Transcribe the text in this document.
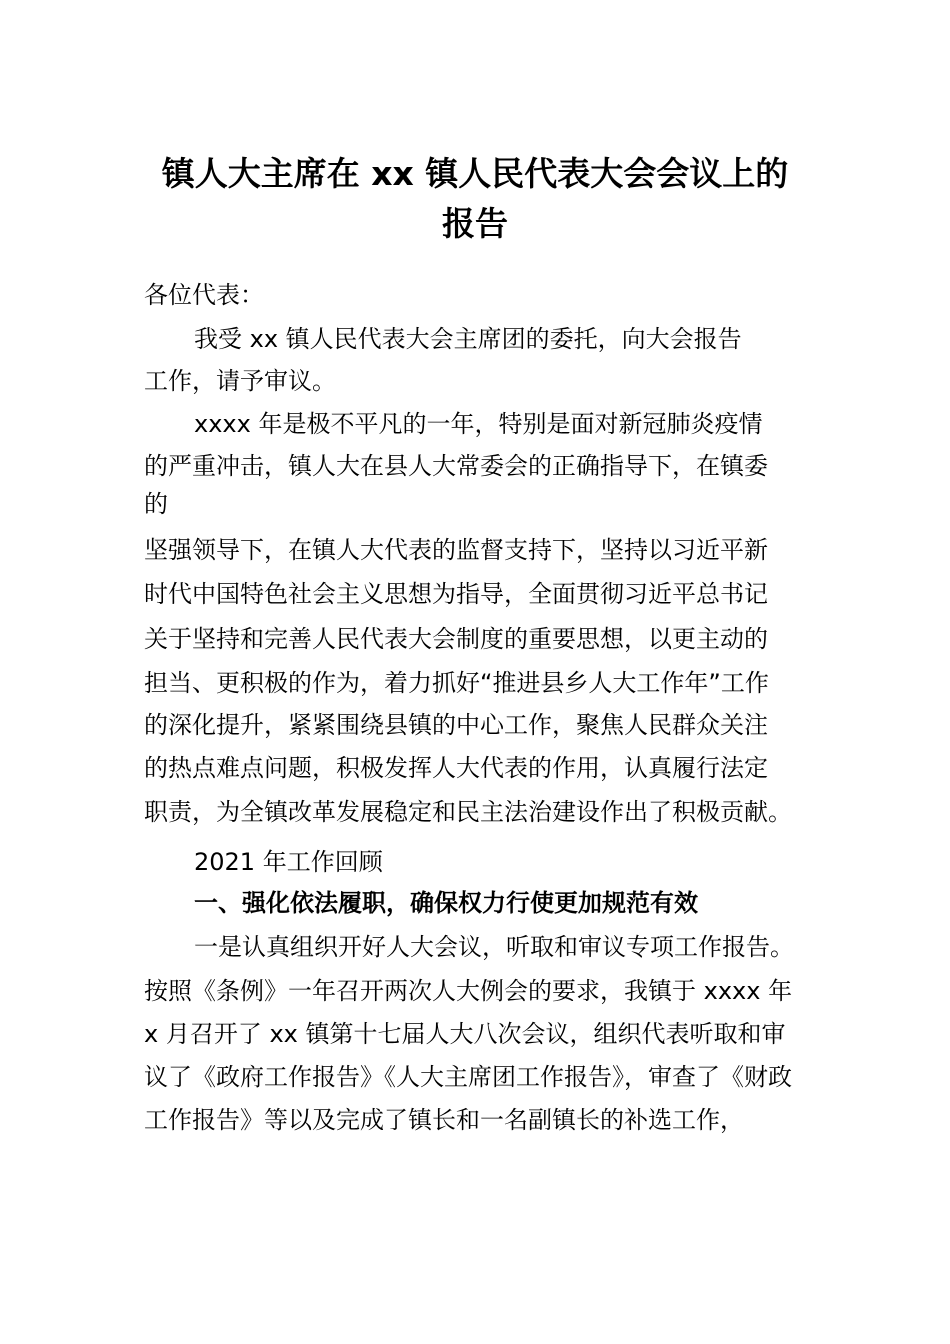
镇人大主席在 xx 镇人民代表大会会议上的
报告

各位代表：

我受 xx 镇人民代表大会主席团的委托，向大会报告

工作，请予审议。

xxxx 年是极不平凡的一年，特别是面对新冠肺炎疫情

的严重冲击，镇人大在县人大常委会的正确指导下，在镇委

的

坚强领导下，在镇人大代表的监督支持下，坚持以习近平新

时代中国特色社会主义思想为指导，全面贯彻习近平总书记

关于坚持和完善人民代表大会制度的重要思想，以更主动的

担当、更积极的作为，着力抓好“推进县乡人大工作年”工作

的深化提升，紧紧围绕县镇的中心工作，聚焦人民群众关注

的热点难点问题，积极发挥人大代表的作用，认真履行法定

职责，为全镇改革发展稳定和民主法治建设作出了积极贡献。

2021 年工作回顾

一、强化依法履职，确保权力行使更加规范有效

一是认真组织开好人大会议，听取和审议专项工作报告。

按照《条例》一年召开两次人大例会的要求，我镇于 xxxx 年

x 月召开了 xx 镇第十七届人大八次会议，组织代表听取和审

议了《政府工作报告》《人大主席团工作报告》，审查了《财政

工作报告》等以及完成了镇长和一名副镇长的补选工作，
